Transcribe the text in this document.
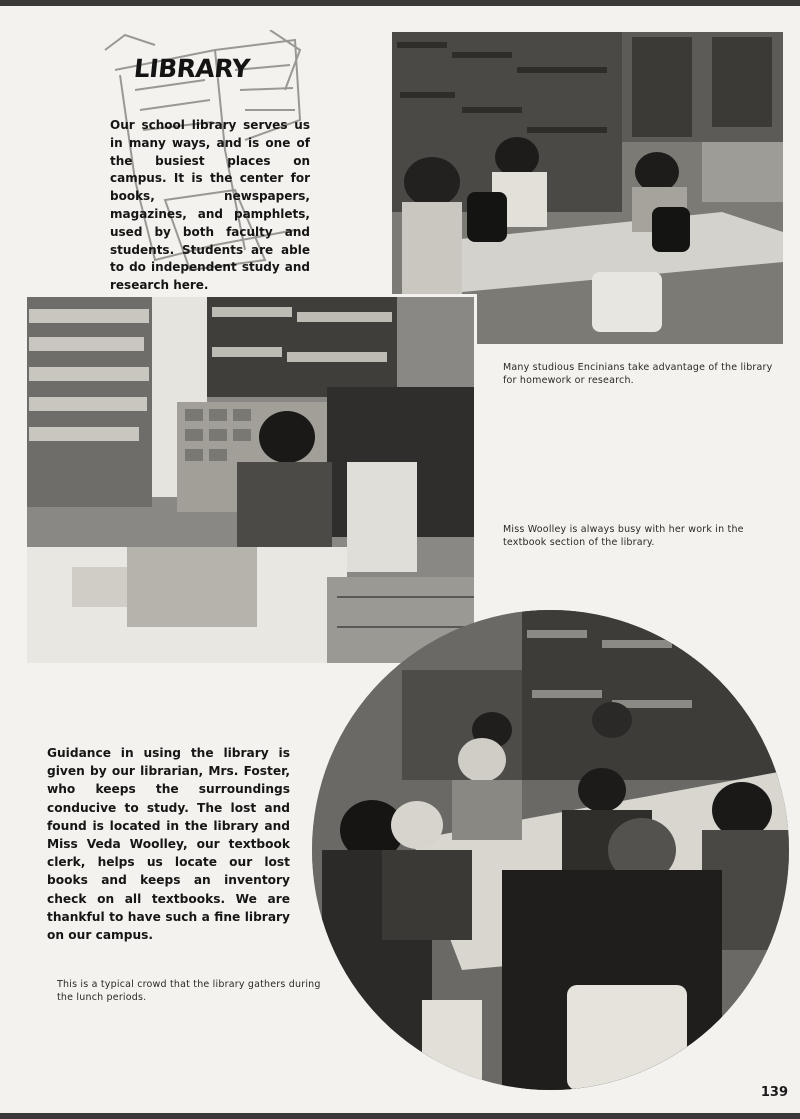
LIBRARY
Our school library serves us in many ways, and is one of the busiest places on campus. It is the center for books, newspapers, magazines, and pamphlets, used by both faculty and students. Students are able to do independent study and research here.
Many studious Encinians take advantage of the library for homework or research.
Miss Woolley is always busy with her work in the textbook section of the library.
Guidance in using the library is given by our librarian, Mrs. Foster, who keeps the surroundings conducive to study. The lost and found is located in the library and Miss Veda Woolley, our textbook clerk, helps us locate our lost books and keeps an inventory check on all textbooks. We are thankful to have such a fine library on our campus.
This is a typical crowd that the library gathers during the lunch periods.
139
